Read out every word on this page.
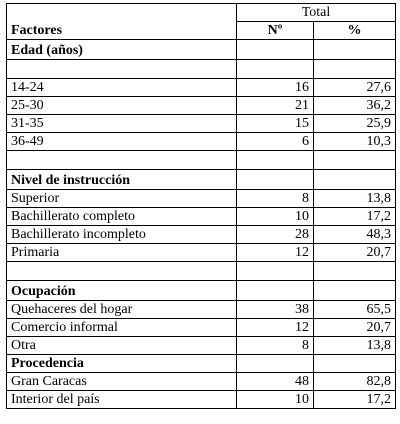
Factores	Total	
	Nº	%
Edad (años)		

14-24	16	27,6
25-30	21	36,2
31-35	15	25,9
36-49	6	10,3

Nivel de instrucción		
Superior	8	13,8
Bachillerato completo	10	17,2
Bachillerato incompleto	28	48,3
Primaria	12	20,7

Ocupación		
Quehaceres del hogar	38	65,5
Comercio informal	12	20,7
Otra	8	13,8
Procedencia		
Gran Caracas	48	82,8
Interior del país	10	17,2
